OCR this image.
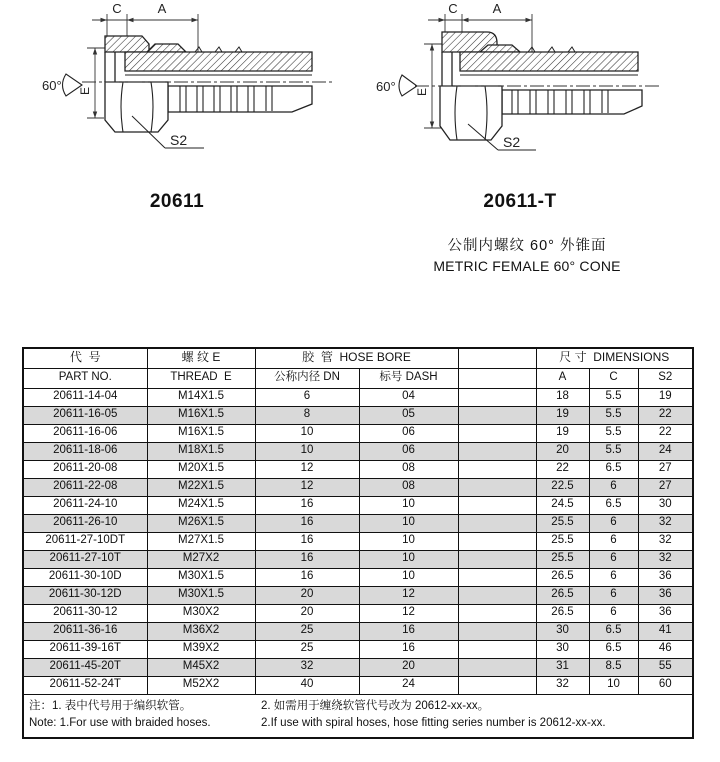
C	A
60° E
S2
C	A
60° E
S2
20611	20611-T
公制内螺纹 60° 外锥面
METRIC FEMALE 60° CONE
代  号	螺 纹 E	胶  管  HOSE BORE			尺 寸  DIMENSIONS		
PART NO.	THREAD  E	公称内径 DN	标号 DASH		A	C	S2
20611-14-04	M14X1.5	6	04		18	5.5	19
20611-16-05	M16X1.5	8	05		19	5.5	22
20611-16-06	M16X1.5	10	06		19	5.5	22
20611-18-06	M18X1.5	10	06		20	5.5	24
20611-20-08	M20X1.5	12	08		22	6.5	27
20611-22-08	M22X1.5	12	08		22.5	6	27
20611-24-10	M24X1.5	16	10		24.5	6.5	30
20611-26-10	M26X1.5	16	10		25.5	6	32
20611-27-10DT	M27X1.5	16	10		25.5	6	32
20611-27-10T	M27X2	16	10		25.5	6	32
20611-30-10D	M30X1.5	16	10		26.5	6	36
20611-30-12D	M30X1.5	20	12		26.5	6	36
20611-30-12	M30X2	20	12		26.5	6	36
20611-36-16	M36X2	25	16		30	6.5	41
20611-39-16T	M39X2	25	16		30	6.5	46
20611-45-20T	M45X2	32	20		31	8.5	55
20611-52-24T	M52X2	40	24		32	10	60

注：1. 表中代号用于编织软管。 2. 如需用于缠绕软管代号改为 20612-xx-xx。
Note: 1.For use with braided hoses. 2.If use with spiral hoses, hose fitting series number is 20612-xx-xx.							
